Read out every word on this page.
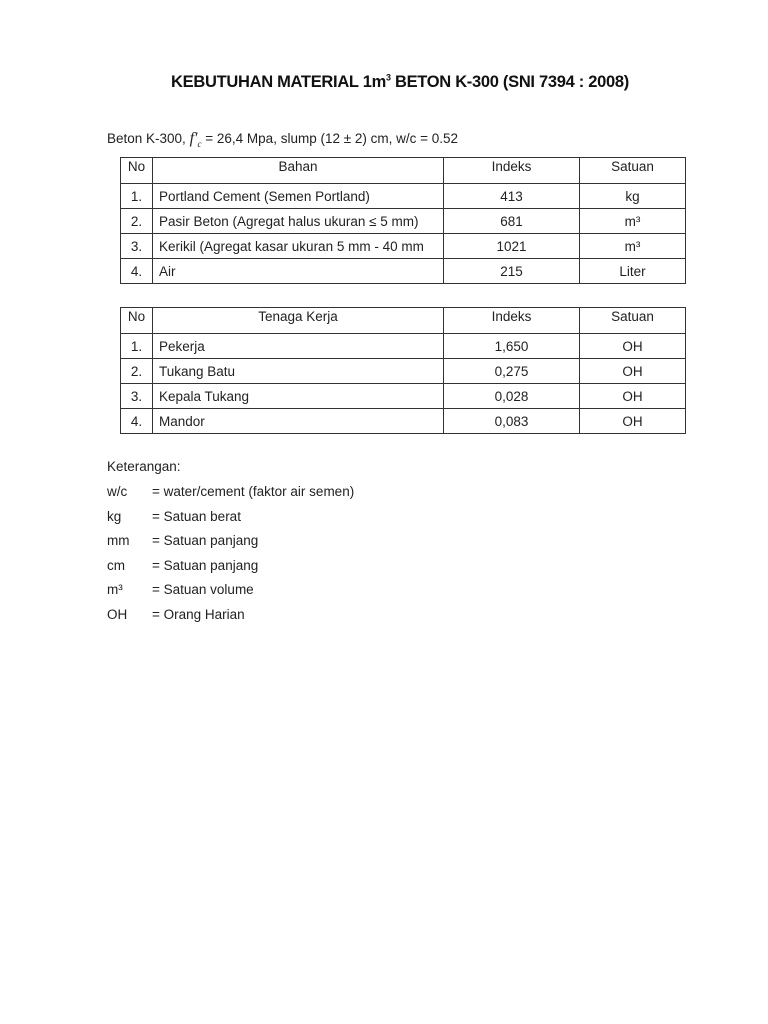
KEBUTUHAN MATERIAL $1m^3$ BETON K-300 (SNI 7394 : 2008)
Beton K-300, $f'_c = 26,4$ Mpa, slump (12 ± 2) cm, w/c = 0.52
No	Bahan	Indeks	Satuan
1.	Portland Cement (Semen Portland)	413	kg
2.	Pasir Beton (Agregat halus ukuran ≤ 5 mm)	681	m³
3.	Kerikil (Agregat kasar ukuran 5 mm - 40 mm	1021	m³
4.	Air	215	Liter
No	Tenaga Kerja	Indeks	Satuan
1.	Pekerja	1,650	OH
2.	Tukang Batu	0,275	OH
3.	Kepala Tukang	0,028	OH
4.	Mandor	0,083	OH
Keterangan:
w/c = water/cement (faktor air semen)
kg = Satuan berat
mm = Satuan panjang
cm = Satuan panjang
m³ = Satuan volume
OH = Orang Harian
